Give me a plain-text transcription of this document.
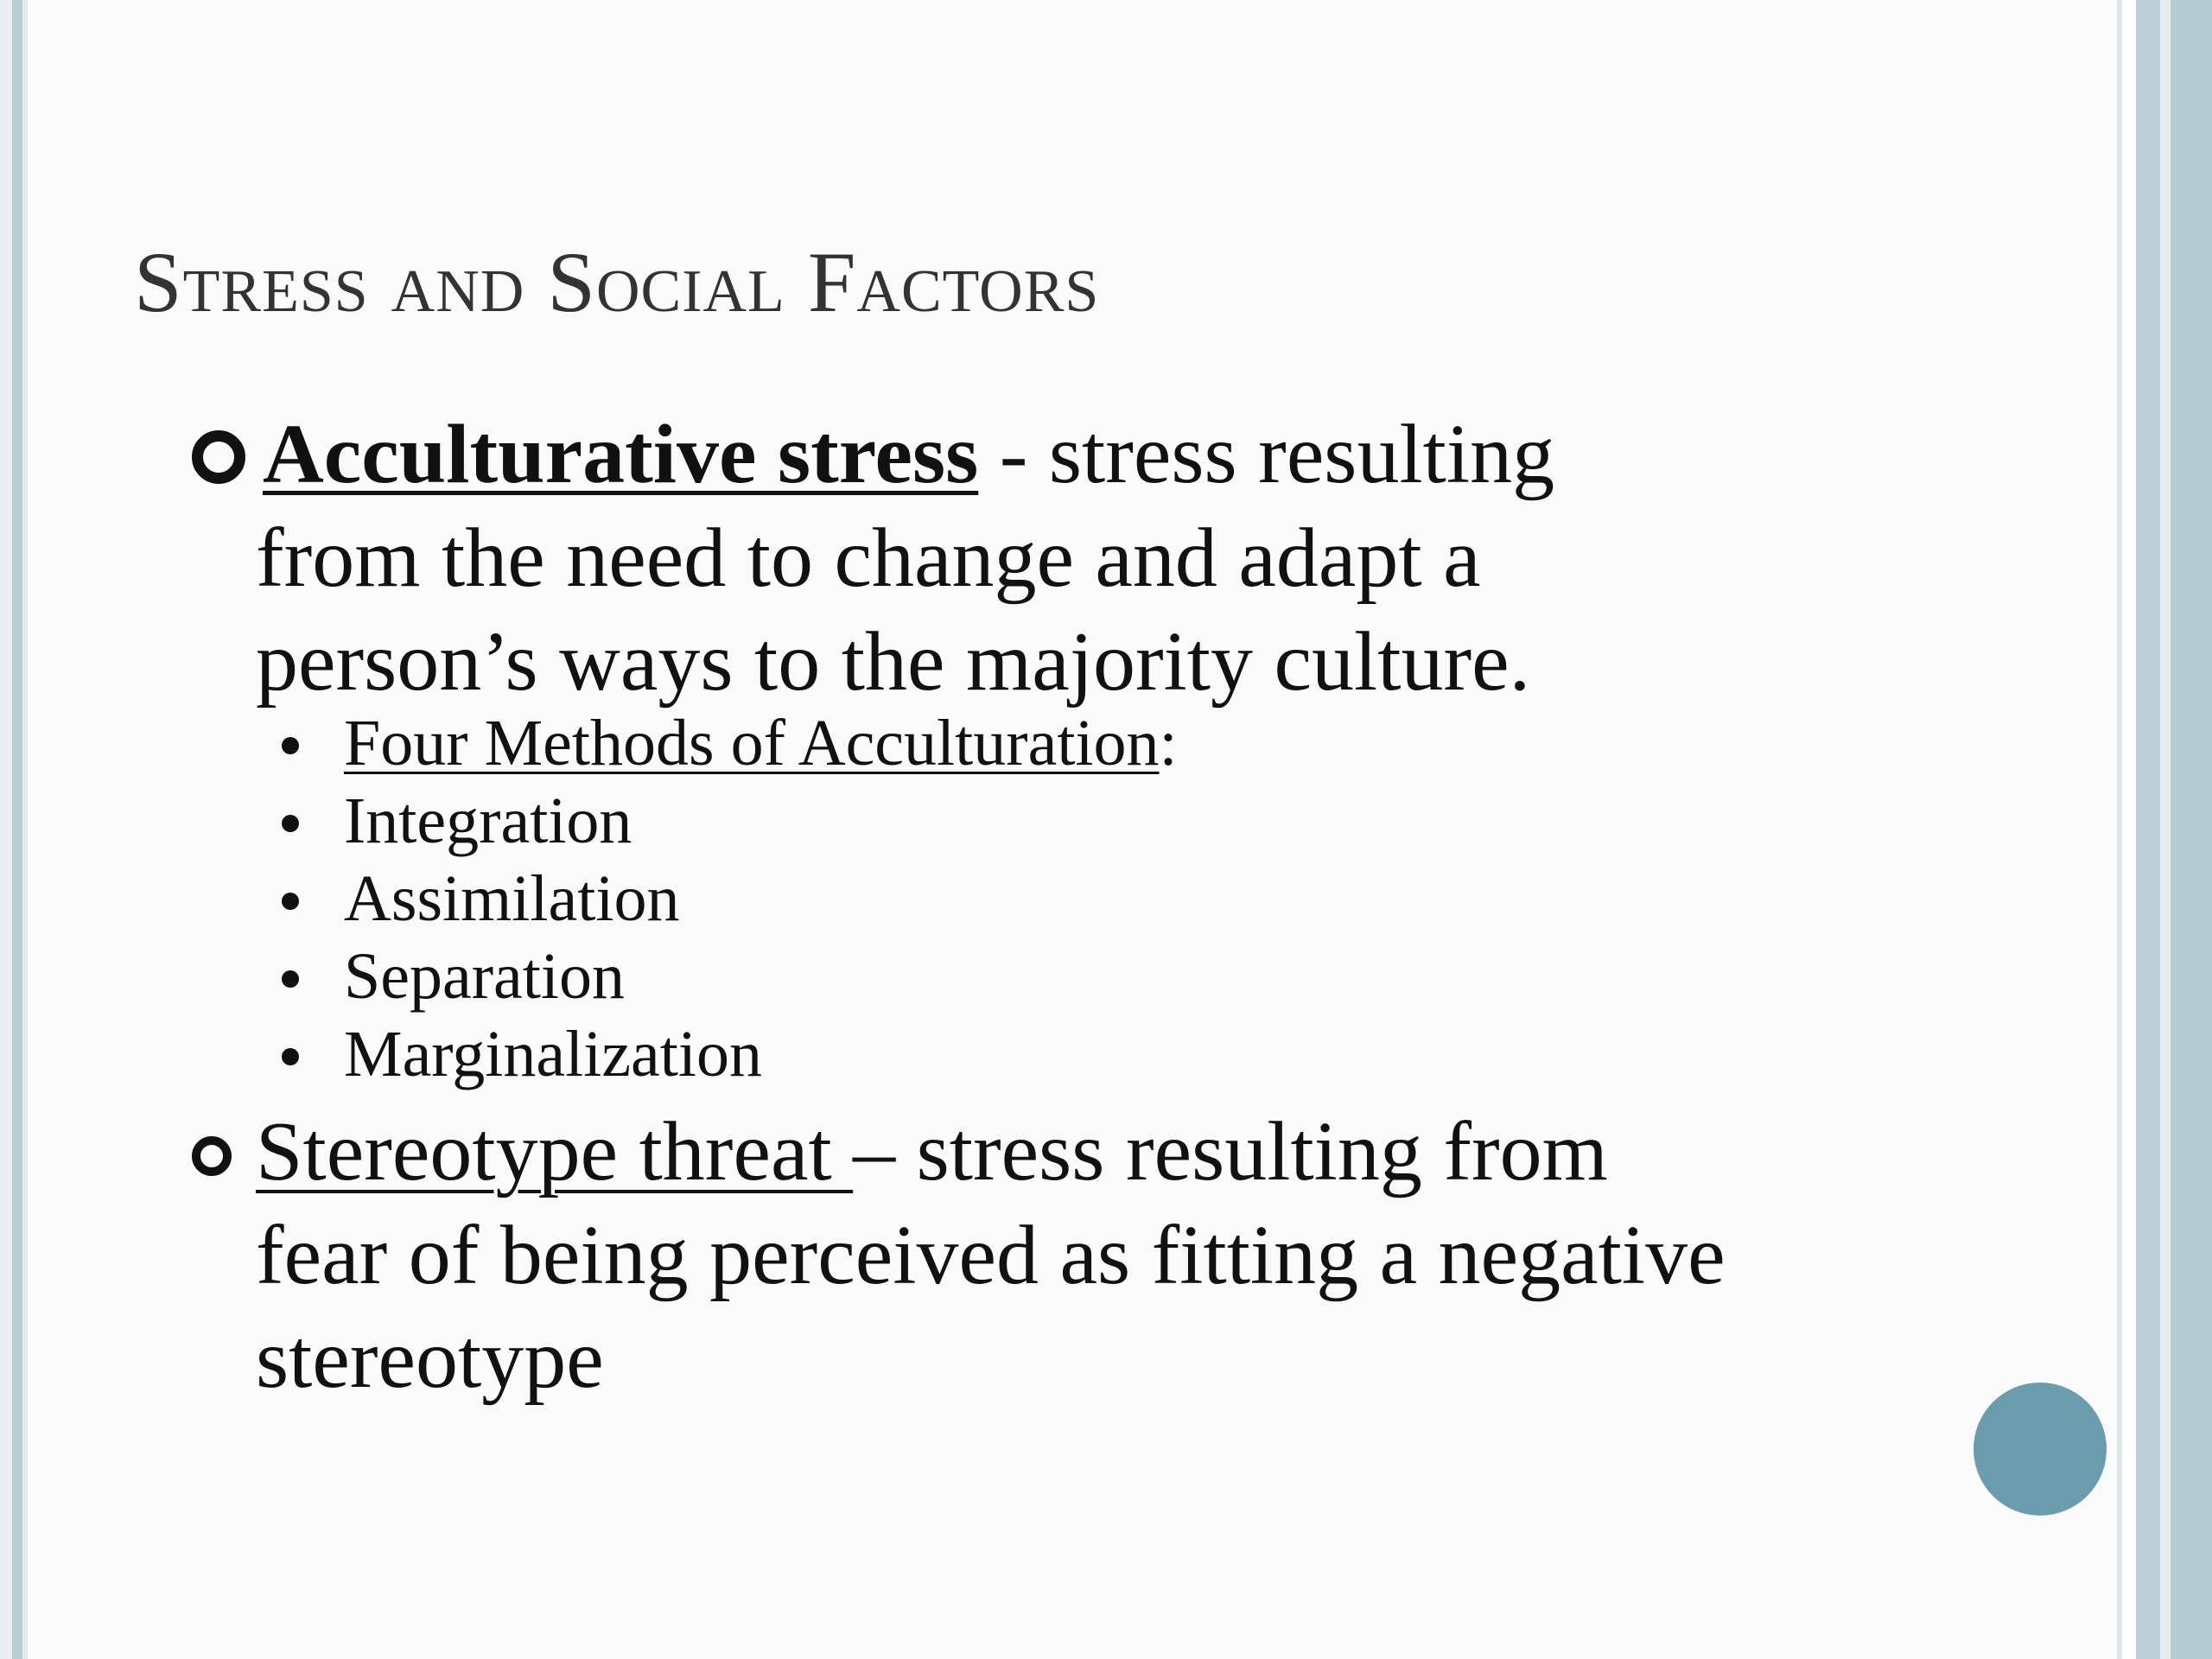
Stress and Social Factors
Acculturative stress - stress resulting
from the need to change and adapt a
person’s ways to the majority culture.
Four Methods of Acculturation:
Integration
Assimilation
Separation
Marginalization
Stereotype threat – stress resulting from
fear of being perceived as fitting a negative
stereotype
